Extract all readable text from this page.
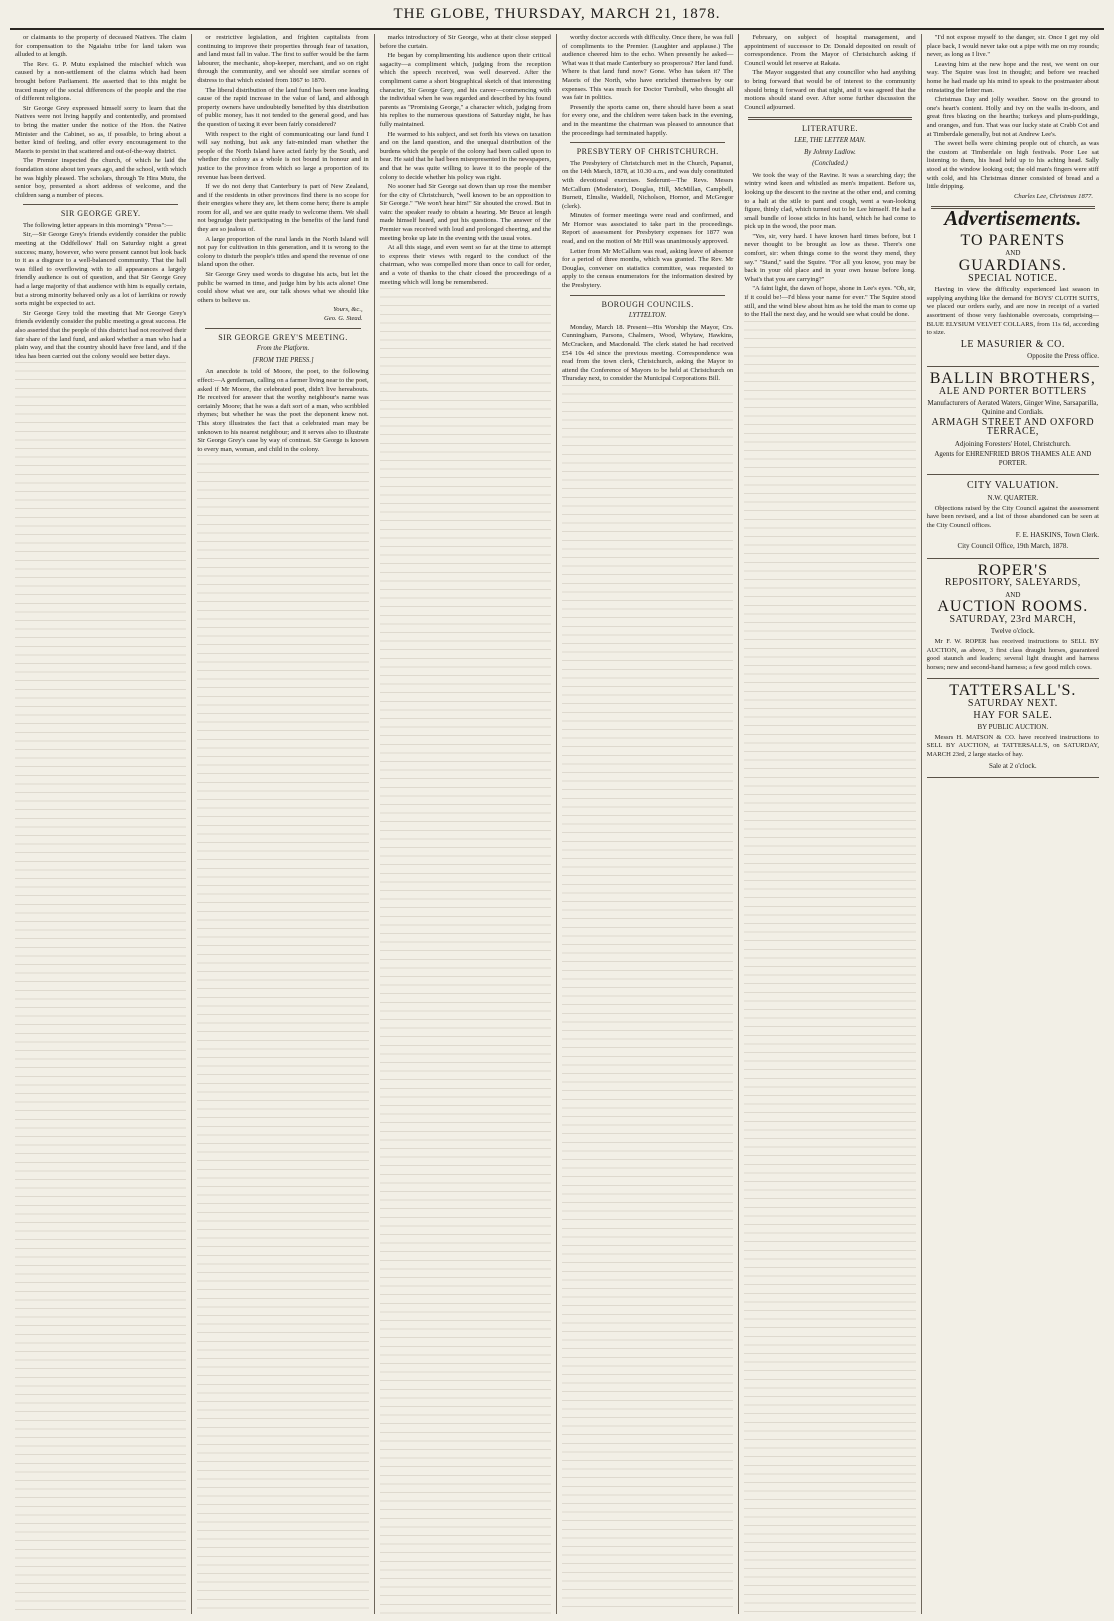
THE GLOBE, THURSDAY, MARCH 21, 1878.

or claimants to the property of deceased Natives. The claim for compensation to the Ngaiahu tribe for land taken was alluded to at length.

The Rev. G. P. Mutu explained the mischief which was caused by a non-settlement of the claims which had been brought before Parliament. He asserted that to this might be traced many of the social differences of the people and the rise of different religions.

Sir George Grey expressed himself sorry to learn that the Natives were not living happily and contentedly, and promised to bring the matter under the notice of the Hon. the Native Minister and the Cabinet, so as, if possible, to bring about a better kind of feeling, and offer every encouragement to the Maoris to persist in that scattered and out-of-the-way district.

The Premier inspected the church, of which he laid the foundation stone about ten years ago, and the school, with which he was highly pleased. The scholars, through Te Hira Mutu, the senior boy, presented a short address of welcome, and the children sang a number of pieces.

SIR GEORGE GREY.

The following letter appears in this morning's "Press":—

Sir,—Sir George Grey's friends evidently consider the public meeting at the Oddfellows' Hall on Saturday night a great success; many, however, who were present cannot but look back to it as a disgrace to a well-balanced community. That the hall was filled to overflowing with to all appearances a largely friendly audience is out of question, and that Sir George Grey had a large majority of that audience with him is equally certain, but a strong minority behaved only as a lot of larrikins or rowdy sorts might be expected to act.

Sir George Grey told the meeting that Mr George Grey's friends evidently consider the public meeting a great success. He also asserted that the people of this district had not received their fair share of the land fund, and asked whether a man who had a plain way, and that the country should have free land, and if the idea has been carried out the colony would see better days.

or restrictive legislation, and frighten capitalists from continuing to improve their properties through fear of taxation, and land must fall in value. The first to suffer would be the farm labourer, the mechanic, shop-keeper, merchant, and so on right through the community, and we should see similar scenes of distress to that which existed from 1867 to 1870.

The liberal distribution of the land fund has been one leading cause of the rapid increase in the value of land, and although property owners have undoubtedly benefited by this distribution of public money, has it not tended to the general good, and has the question of taxing it ever been fairly considered?

With respect to the right of communicating our land fund I will say nothing, but ask any fair-minded man whether the people of the North Island have acted fairly by the South, and whether the colony as a whole is not bound in honour and in justice to the province from which so large a proportion of its revenue has been derived.

If we do not deny that Canterbury is part of New Zealand, and if the residents in other provinces find there is no scope for their energies where they are, let them come here; there is ample room for all, and we are quite ready to welcome them. We shall not begrudge their participating in the benefits of the land fund they are so jealous of.

A large proportion of the rural lands in the North Island will not pay for cultivation in this generation, and it is wrong to the colony to disturb the people's titles and spend the revenue of one island upon the other.

Sir George Grey used words to disguise his acts, but let the public be warned in time, and judge him by his acts alone! One could show what we are, our talk shows what we should like others to believe us.

Yours, &c.,
Geo. G. Stead.
SIR GEORGE GREY'S MEETING.
From the Platform.
[FROM THE PRESS.]

An anecdote is told of Moore, the poet, to the following effect:—A gentleman, calling on a farmer living near to the poet, asked if Mr Moore, the celebrated poet, didn't live hereabouts. He received for answer that the worthy neighbour's name was certainly Moore; that he was a daft sort of a man, who scribbled rhymes; but whether he was the poet the deponent knew not. This story illustrates the fact that a celebrated man may be unknown to his nearest neighbour; and it serves also to illustrate Sir George Grey's case by way of contrast. Sir George is known to every man, woman, and child in the colony.

marks introductory of Sir George, who at their close stepped before the curtain.

He began by complimenting his audience upon their critical sagacity—a compliment which, judging from the reception which the speech received, was well deserved. After the compliment came a short biographical sketch of that interesting character, Sir George Grey, and his career—commencing with the individual when he was regarded and described by his found parents as "Promising George," a character which, judging from his replies to the numerous questions of Saturday night, he has fully maintained.

He warmed to his subject, and set forth his views on taxation and on the land question, and the unequal distribution of the burdens which the people of the colony had been called upon to bear. He said that he had been misrepresented in the newspapers, and that he was quite willing to leave it to the people of the colony to decide whether his policy was right.

No sooner had Sir George sat down than up rose the member for the city of Christchurch, "well known to be an opposition to Sir George." "We won't hear him!" Sir shouted the crowd. But in vain: the speaker ready to obtain a hearing. Mr Bruce at length made himself heard, and put his questions. The answer of the Premier was received with loud and prolonged cheering, and the meeting broke up late in the evening with the usual votes.

At all this stage, and even went so far at the time to attempt to express their views with regard to the conduct of the chairman, who was compelled more than once to call for order, and a vote of thanks to the chair closed the proceedings of a meeting which will long be remembered.

worthy doctor accords with difficulty. Once there, he was full of compliments to the Premier. (Laughter and applause.) The audience cheered him to the echo. When presently he asked—What was it that made Canterbury so prosperous? Her land fund. Where is that land fund now? Gone. Who has taken it? The Maoris of the North, who have enriched themselves by our expenses. This was much for Doctor Turnbull, who thought all was fair in politics.

Presently the sports came on, there should have been a seat for every one, and the children were taken back in the evening, and in the meantime the chairman was pleased to announce that the proceedings had terminated happily.

PRESBYTERY OF CHRISTCHURCH.

The Presbytery of Christchurch met in the Church, Papanui, on the 14th March, 1878, at 10.30 a.m., and was duly constituted with devotional exercises. Sederunt—The Revs. Messrs McCallum (Moderator), Douglas, Hill, McMillan, Campbell, Burnett, Elmslie, Waddell, Nicholson, Hornor, and McGregor (clerk).

Minutes of former meetings were read and confirmed, and Mr Hornor was associated to take part in the proceedings. Report of assessment for Presbytery expenses for 1877 was read, and on the motion of Mr Hill was unanimously approved.

Letter from Mr McCallum was read, asking leave of absence for a period of three months, which was granted. The Rev. Mr Douglas, convener on statistics committee, was requested to apply to the census enumerators for the information desired by the Presbytery.

BOROUGH COUNCILS.
LYTTELTON.

Monday, March 18. Present—His Worship the Mayor, Crs. Cunningham, Parsons, Chalmers, Wood, Whytaw, Hawkins, McCracken, and Macdonald. The clerk stated he had received £54 10s 4d since the previous meeting. Correspondence was read from the town clerk, Christchurch, asking the Mayor to attend the Conference of Mayors to be held at Christchurch on Thursday next, to consider the Municipal Corporations Bill.

February, on subject of hospital management, and appointment of successor to Dr. Donald deposited on result of correspondence. From the Mayor of Christchurch asking if Council would let reserve at Rakaia.

The Mayor suggested that any councillor who had anything to bring forward that would be of interest to the community should bring it forward on that night, and it was agreed that the motions should stand over. After some further discussion the Council adjourned.

LITERATURE.
LEE, THE LETTER MAN.
By Johnny Ludlow.
(Concluded.)

We took the way of the Ravine. It was a searching day; the wintry wind keen and whistled as men's impatient. Before us, looking up the descent to the ravine at the other end, and coming to a halt at the stile to pant and cough, went a wan-looking figure, thinly clad, which turned out to be Lee himself. He had a small bundle of loose sticks in his hand, which he had come to pick up in the wood, the poor man.

"Yes, sir, very hard. I have known hard times before, but I never thought to be brought as low as these. There's one comfort, sir: when things come to the worst they mend, they say." "Stand," said the Squire. "For all you know, you may be back in your old place and in your own house before long. What's that you are carrying?"

"A faint light, the dawn of hope, shone in Lee's eyes. "Oh, sir, if it could be!—I'd bless your name for ever." The Squire stood still, and the wind blew about him as he told the man to come up to the Hall the next day, and he would see what could be done.

"I'd not expose myself to the danger, sir. Once I get my old place back, I would never take out a pipe with me on my rounds; never, as long as I live."

Leaving him at the new hope and the rest, we went on our way. The Squire was lost in thought; and before we reached home he had made up his mind to speak to the postmaster about reinstating the letter man.

Christmas Day and jolly weather. Snow on the ground to one's heart's content. Holly and ivy on the walls in-doors, and great fires blazing on the hearths; turkeys and plum-puddings, and oranges, and fun. That was our lucky state at Crabb Cot and at Timberdale generally, but not at Andrew Lee's.

The sweet bells were chiming people out of church, as was the custom at Timberdale on high festivals. Poor Lee sat listening to them, his head held up to his aching head. Sally stood at the window looking out; the old man's fingers were stiff with cold, and his Christmas dinner consisted of bread and a little dripping.

Charles Lee, Christmas 1877.
Advertisements.
TO PARENTS
AND
GUARDIANS.
SPECIAL NOTICE.

Having in view the difficulty experienced last season in supplying anything like the demand for BOYS' CLOTH SUITS, we placed our orders early, and are now in receipt of a varied assortment of those very fashionable overcoats, comprising—BLUE ELYSIUM VELVET COLLARS, from 11s 6d, according to size.

LE MASURIER & CO.
Opposite the Press office.
BALLIN BROTHERS,
ALE AND PORTER BOTTLERS
Manufacturers of Aerated Waters, Ginger Wine, Sarsaparilla, Quinine and Cordials.
ARMAGH STREET AND OXFORD TERRACE,
Adjoining Foresters' Hotel, Christchurch.
Agents for EHRENFRIED BROS THAMES ALE AND PORTER.
CITY VALUATION.
N.W. QUARTER.

Objections raised by the City Council against the assessment have been revised, and a list of those abandoned can be seen at the City Council offices.

F. E. HASKINS, Town Clerk.
City Council Office, 19th March, 1878.
ROPER'S
REPOSITORY, SALEYARDS,
AND
AUCTION ROOMS.
SATURDAY, 23rd MARCH,
Twelve o'clock.

Mr F. W. ROPER has received instructions to SELL BY AUCTION, as above, 3 first class draught horses, guaranteed good staunch and leaders; several light draught and harness horses; new and second-hand harness; a few good milch cows.

TATTERSALL'S.
SATURDAY NEXT.
HAY FOR SALE.
BY PUBLIC AUCTION.

Messrs H. MATSON & CO. have received instructions to SELL BY AUCTION, at TATTERSALL'S, on SATURDAY, MARCH 23rd, 2 large stacks of hay.

Sale at 2 o'clock.
